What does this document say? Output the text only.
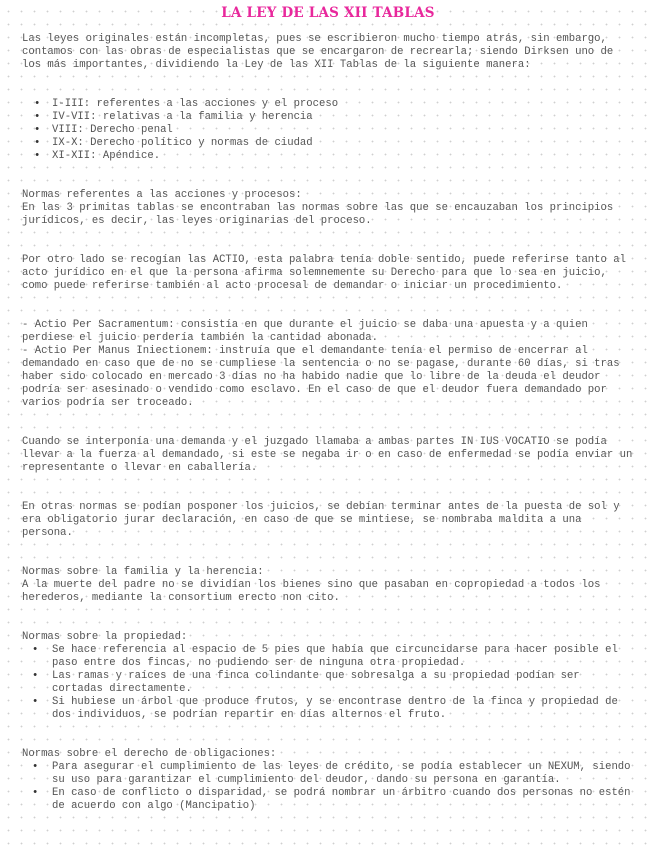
LA LEY DE LAS XII TABLAS

Las leyes originales están incompletas, pues se escribieron mucho tiempo atrás, sin embargo, contamos con las obras de especialistas que se encargaron de recrearla; siendo Dirksen uno de los más importantes, dividiendo la Ley de las XII Tablas de la siguiente manera:

• I-III: referentes a las acciones y el proceso
• IV-VII: relativas a la familia y herencia
• VIII: Derecho penal
• IX-X: Derecho político y normas de ciudad
• XI-XII: Apéndice.

Normas referentes a las acciones y procesos:

En las 3 primitas tablas se encontraban las normas sobre las que se encauzaban los principios jurídicos, es decir, las leyes originarias del proceso.

Por otro lado se recogían las ACTIO, esta palabra tenía doble sentido, puede referirse tanto al acto jurídico en el que la persona afirma solemnemente su Derecho para que lo sea en juicio, como puede referirse también al acto procesal de demandar o iniciar un procedimiento.

- Actio Per Sacramentum: consistía en que durante el juicio se daba una apuesta y a quien perdiese el juicio perdería también la cantidad abonada.

- Actio Per Manus Iniectionem: instruía que el demandante tenía el permiso de encerrar al demandado en caso que de no se cumpliese la sentencia o no se pagase, durante 60 días, si tras haber sido colocado en mercado 3 días no ha habido nadie que lo libre de la deuda el deudor podría ser asesinado o vendido como esclavo. En el caso de que el deudor fuera demandado por varios podría ser troceado.

Cuando se interponía una demanda y el juzgado llamaba a ambas partes IN IUS VOCATIO se podía llevar a la fuerza al demandado, si este se negaba ir o en caso de enfermedad se podía enviar un representante o llevar en caballería.

En otras normas se podían posponer los juicios, se debían terminar antes de la puesta de sol y era obligatorio jurar declaración, en caso de que se mintiese, se nombraba maldita a una persona.

Normas sobre la familia y la herencia:

A la muerte del padre no se dividían los bienes sino que pasaban en copropiedad a todos los herederos, mediante la consortium erecto non cito.

Normas sobre la propiedad:

• Se hace referencia al espacio de 5 pies que había que circuncidarse para hacer posible el paso entre dos fincas, no pudiendo ser de ninguna otra propiedad.
• Las ramas y raíces de una finca colindante que sobresalga a su propiedad podían ser cortadas directamente.
• Si hubiese un árbol que produce frutos, y se encontrase dentro de la finca y propiedad de dos individuos, se podrían repartir en días alternos el fruto.

Normas sobre el derecho de obligaciones:

• Para asegurar el cumplimiento de las leyes de crédito, se podía establecer un NEXUM, siendo su uso para garantizar el cumplimiento del deudor, dando su persona en garantía.
• En caso de conflicto o disparidad, se podrá nombrar un árbitro cuando dos personas no estén de acuerdo con algo (Mancipatio)
